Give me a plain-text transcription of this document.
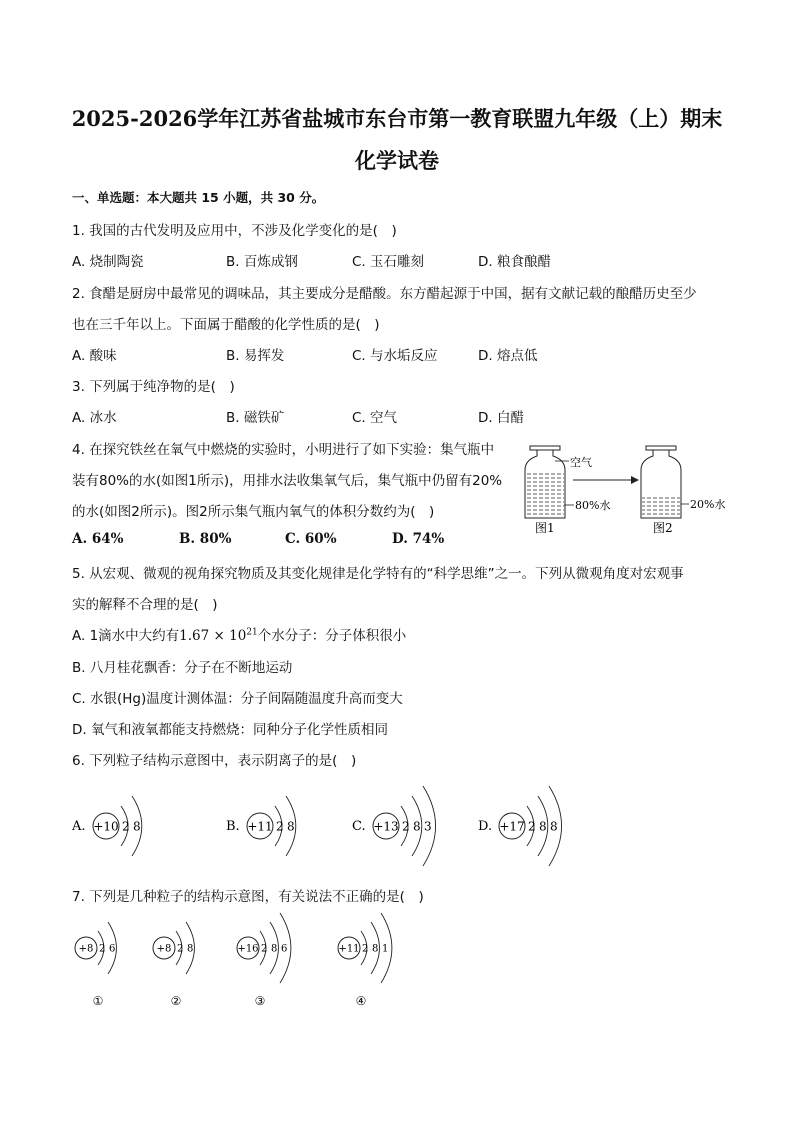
2025-2026学年江苏省盐城市东台市第一教育联盟九年级（上）期末
化学试卷
一、单选题：本大题共 15 小题，共 30 分。
1. 我国的古代发明及应用中，不涉及化学变化的是(　)
A. 烧制陶瓷	B. 百炼成钢	C. 玉石雕刻	D. 粮食酿醋
2. 食醋是厨房中最常见的调味品，其主要成分是醋酸。东方醋起源于中国，据有文献记载的酿醋历史至少
也在三千年以上。下面属于醋酸的化学性质的是(　)
A. 酸味	B. 易挥发	C. 与水垢反应	D. 熔点低
3. 下列属于纯净物的是(　)
A. 冰水	B. 磁铁矿	C. 空气	D. 白醋
4. 在探究铁丝在氧气中燃烧的实验时，小明进行了如下实验：集气瓶中
装有80%的水(如图1所示)，用排水法收集氧气后，集气瓶中仍留有20%
的水(如图2所示)。图2所示集气瓶内氧气的体积分数约为(　)
A. 64%	B. 80%	C. 60%	D. 74%
空气
80%水
图1
20%水
图2
5. 从宏观、微观的视角探究物质及其变化规律是化学特有的“科学思维”之一。下列从微观角度对宏观事
实的解释不合理的是(　)
A. 1滴水中大约有$1.67 \times 10^{21}$个水分子：分子体积很小
B. 八月桂花飘香：分子在不断地运动
C. 水银(Hg)温度计测体温：分子间隔随温度升高而变大
D. 氧气和液氧都能支持燃烧：同种分子化学性质相同
6. 下列粒子结构示意图中，表示阴离子的是(　)
A. +10 2 8	B. +11 2 8	C. +13 2 8 3	D. +17 2 8 8
7. 下列是几种粒子的结构示意图，有关说法不正确的是(　)
+8 2 6
①
+8 2 8
②
+16 2 8 6
③
+11 2 8 1
④
